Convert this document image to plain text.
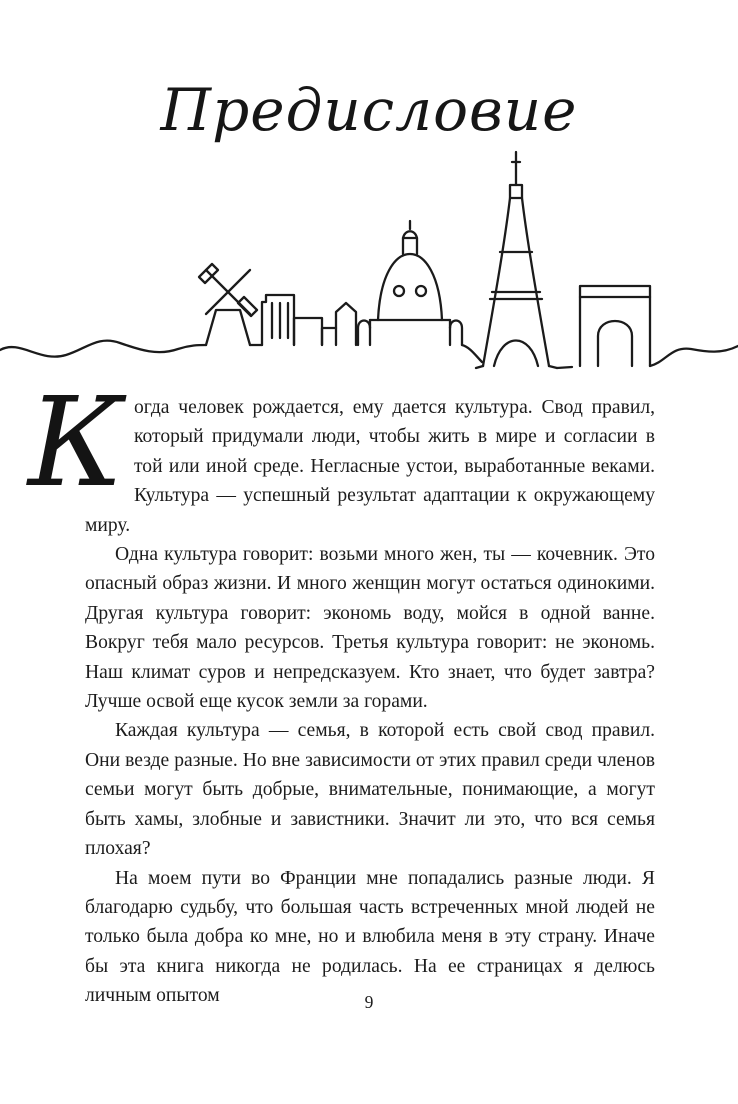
Предисловие

Когда человек рождается, ему дается культура. Свод правил, который придумали люди, чтобы жить в мире и согласии в той или иной среде. Негласные устои, выработанные веками. Культура — успешный результат адаптации к окружающему миру.

Одна культура говорит: возьми много жен, ты — кочевник. Это опасный образ жизни. И много женщин могут остаться одинокими. Другая культура говорит: экономь воду, мойся в одной ванне. Вокруг тебя мало ресурсов. Третья культура говорит: не экономь. Наш климат суров и непредсказуем. Кто знает, что будет завтра? Лучше освой еще кусок земли за горами.

Каждая культура — семья, в которой есть свой свод правил. Они везде разные. Но вне зависимости от этих правил среди членов семьи могут быть добрые, внимательные, понимающие, а могут быть хамы, злобные и завистники. Значит ли это, что вся семья плохая?

На моем пути во Франции мне попадались разные люди. Я благодарю судьбу, что большая часть встреченных мной людей не только была добра ко мне, но и влюбила меня в эту страну. Иначе бы эта книга никогда не родилась. На ее страницах я делюсь личным опытом	9
